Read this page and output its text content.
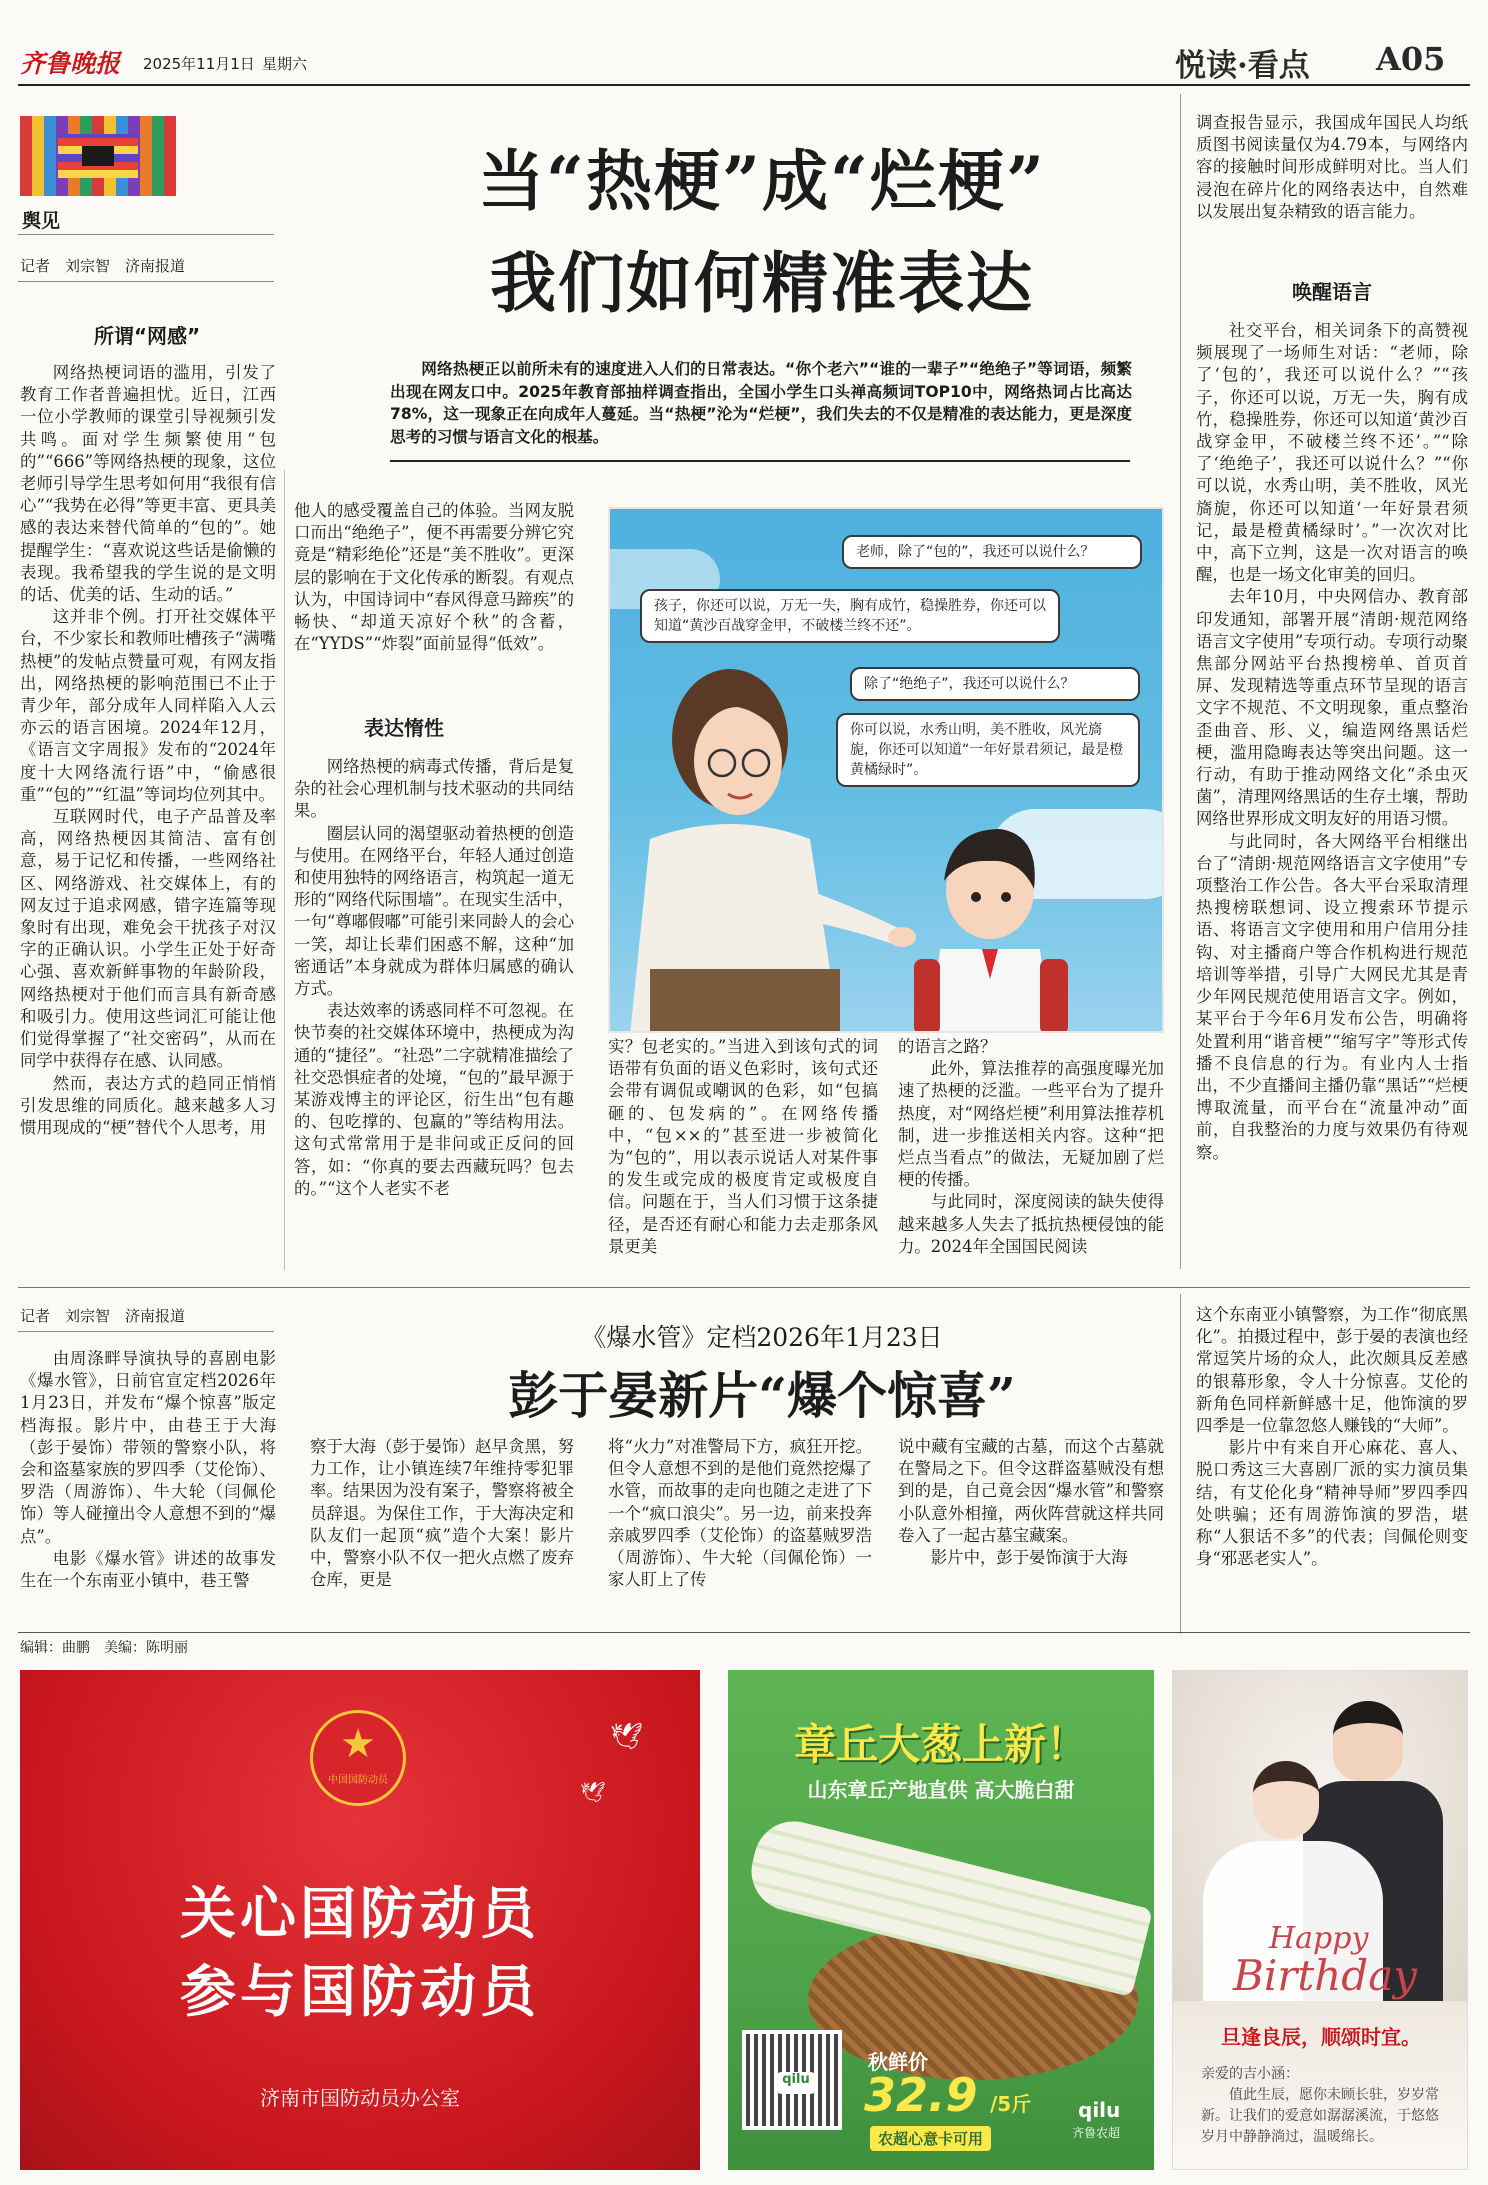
齐鲁晚报 2025年11月1日 星期六	悦读·看点 A05
舆见
记者　刘宗智　济南报道
当“热梗”成“烂梗”
我们如何精准表达

网络热梗正以前所未有的速度进入人们的日常表达。“你个老六”“谁的一辈子”“绝绝子”等词语，频繁出现在网友口中。2025年教育部抽样调查指出，全国小学生口头禅高频词TOP10中，网络热词占比高达78%，这一现象正在向成年人蔓延。当“热梗”沦为“烂梗”，我们失去的不仅是精准的表达能力，更是深度思考的习惯与语言文化的根基。

所谓“网感”

网络热梗词语的滥用，引发了教育工作者普遍担忧。近日，江西一位小学教师的课堂引导视频引发共鸣。面对学生频繁使用“包的”“666”等网络热梗的现象，这位老师引导学生思考如何用“我很有信心”“我势在必得”等更丰富、更具美感的表达来替代简单的“包的”。她提醒学生：“喜欢说这些话是偷懒的表现。我希望我的学生说的是文明的话、优美的话、生动的话。”

这并非个例。打开社交媒体平台，不少家长和教师吐槽孩子“满嘴热梗”的发帖点赞量可观，有网友指出，网络热梗的影响范围已不止于青少年，部分成年人同样陷入人云亦云的语言困境。2024年12月，《语言文字周报》发布的“2024年度十大网络流行语”中，“偷感很重”“包的”“红温”等词均位列其中。

互联网时代，电子产品普及率高，网络热梗因其简洁、富有创意，易于记忆和传播，一些网络社区、网络游戏、社交媒体上，有的网友过于追求网感，错字连篇等现象时有出现，难免会干扰孩子对汉字的正确认识。小学生正处于好奇心强、喜欢新鲜事物的年龄阶段，网络热梗对于他们而言具有新奇感和吸引力。使用这些词汇可能让他们觉得掌握了“社交密码”，从而在同学中获得存在感、认同感。

然而，表达方式的趋同正悄悄引发思维的同质化。越来越多人习惯用现成的“梗”替代个人思考，用

他人的感受覆盖自己的体验。当网友脱口而出“绝绝子”，便不再需要分辨它究竟是“精彩绝伦”还是“美不胜收”。更深层的影响在于文化传承的断裂。有观点认为，中国诗词中“春风得意马蹄疾”的畅快、“却道天凉好个秋”的含蓄，在“YYDS”“炸裂”面前显得“低效”。

表达惰性

网络热梗的病毒式传播，背后是复杂的社会心理机制与技术驱动的共同结果。

圈层认同的渴望驱动着热梗的创造与使用。在网络平台，年轻人通过创造和使用独特的网络语言，构筑起一道无形的“网络代际围墙”。在现实生活中，一句“尊嘟假嘟”可能引来同龄人的会心一笑，却让长辈们困惑不解，这种“加密通话”本身就成为群体归属感的确认方式。

表达效率的诱惑同样不可忽视。在快节奏的社交媒体环境中，热梗成为沟通的“捷径”。“社恐”二字就精准描绘了社交恐惧症者的处境，“包的”最早源于某游戏博主的评论区，衍生出“包有趣的、包吃撑的、包赢的”等结构用法。这句式常常用于是非问或正反问的回答，如：“你真的要去西藏玩吗？包去的。”“这个人老实不老

老师，除了“包的”，我还可以说什么？
孩子，你还可以说，万无一失，胸有成竹，稳操胜券，你还可以知道“黄沙百战穿金甲，不破楼兰终不还”。
除了“绝绝子”，我还可以说什么？
你可以说，水秀山明，美不胜收，风光旖旎，你还可以知道“一年好景君须记，最是橙黄橘绿时”。

实？包老实的。”当进入到该句式的词语带有负面的语义色彩时，该句式还会带有调侃或嘲讽的色彩，如“包搞砸的、包发病的”。在网络传播中，“包××的”甚至进一步被简化为“包的”，用以表示说话人对某件事的发生或完成的极度肯定或极度自信。问题在于，当人们习惯于这条捷径，是否还有耐心和能力去走那条风景更美

的语言之路？

此外，算法推荐的高强度曝光加速了热梗的泛滥。一些平台为了提升热度，对“网络烂梗”利用算法推荐机制，进一步推送相关内容。这种“把烂点当看点”的做法，无疑加剧了烂梗的传播。

与此同时，深度阅读的缺失使得越来越多人失去了抵抗热梗侵蚀的能力。2024年全国国民阅读

调查报告显示，我国成年国民人均纸质图书阅读量仅为4.79本，与网络内容的接触时间形成鲜明对比。当人们浸泡在碎片化的网络表达中，自然难以发展出复杂精致的语言能力。

唤醒语言

社交平台，相关词条下的高赞视频展现了一场师生对话：“老师，除了‘包的’，我还可以说什么？”“孩子，你还可以说，万无一失，胸有成竹，稳操胜券，你还可以知道‘黄沙百战穿金甲，不破楼兰终不还’。”“除了‘绝绝子’，我还可以说什么？”“你可以说，水秀山明，美不胜收，风光旖旎，你还可以知道‘一年好景君须记，最是橙黄橘绿时’。”一次次对比中，高下立判，这是一次对语言的唤醒，也是一场文化审美的回归。

去年10月，中央网信办、教育部印发通知，部署开展“清朗·规范网络语言文字使用”专项行动。专项行动聚焦部分网站平台热搜榜单、首页首屏、发现精选等重点环节呈现的语言文字不规范、不文明现象，重点整治歪曲音、形、义，编造网络黑话烂梗，滥用隐晦表达等突出问题。这一行动，有助于推动网络文化“杀虫灭菌”，清理网络黑话的生存土壤，帮助网络世界形成文明友好的用语习惯。

与此同时，各大网络平台相继出台了“清朗·规范网络语言文字使用”专项整治工作公告。各大平台采取清理热搜榜联想词、设立搜索环节提示语、将语言文字使用和用户信用分挂钩、对主播商户等合作机构进行规范培训等举措，引导广大网民尤其是青少年网民规范使用语言文字。例如，某平台于今年6月发布公告，明确将处置利用“谐音梗”“缩写字”等形式传播不良信息的行为。有业内人士指出，不少直播间主播仍靠“黑话”“烂梗博取流量，而平台在“流量冲动”面前，自我整治的力度与效果仍有待观察。

记者　刘宗智　济南报道
《爆水管》定档2026年1月23日
彭于晏新片“爆个惊喜”

由周涤畔导演执导的喜剧电影《爆水管》，日前官宣定档2026年1月23日，并发布“爆个惊喜”版定档海报。影片中，由巷王于大海（彭于晏饰）带领的警察小队，将会和盗墓家族的罗四季（艾伦饰）、罗浩（周游饰）、牛大轮（闫佩伦饰）等人碰撞出令人意想不到的“爆点”。

电影《爆水管》讲述的故事发生在一个东南亚小镇中，巷王警

察于大海（彭于晏饰）赵早贪黑，努力工作，让小镇连续7年维持零犯罪率。结果因为没有案子，警察将被全员辞退。为保住工作，于大海决定和队友们一起顶“疯”造个大案！影片中，警察小队不仅一把火点燃了废弃仓库，更是

将“火力”对准警局下方，疯狂开挖。但令人意想不到的是他们竟然挖爆了水管，而故事的走向也随之走进了下一个“疯口浪尖”。另一边，前来投奔亲戚罗四季（艾伦饰）的盗墓贼罗浩（周游饰）、牛大轮（闫佩伦饰）一家人盯上了传

说中藏有宝藏的古墓，而这个古墓就在警局之下。但令这群盗墓贼没有想到的是，自己竟会因“爆水管”和警察小队意外相撞，两伙阵营就这样共同卷入了一起古墓宝藏案。

影片中，彭于晏饰演于大海

这个东南亚小镇警察，为工作“彻底黑化”。拍摄过程中，彭于晏的表演也经常逗笑片场的众人，此次颇具反差感的银幕形象，令人十分惊喜。艾伦的新角色同样新鲜感十足，他饰演的罗四季是一位靠忽悠人赚钱的“大师”。

影片中有来自开心麻花、喜人、脱口秀这三大喜剧厂派的实力演员集结，有艾伦化身“精神导师”罗四季四处哄骗；还有周游饰演的罗浩，堪称“人狠话不多”的代表；闫佩伦则变身“邪恶老实人”。

编辑：曲鹏　美编：陈明丽
★
中国国防动员
🕊
🕊
关心国防动员
参与国防动员
济南市国防动员办公室
章丘大葱上新！
山东章丘产地直供 高大脆白甜
qilu
秋鲜价
32.9 /5斤
农超心意卡可用
qilu
齐鲁农超
Happy
Birthday
旦逢良辰，顺颂时宜。
亲爱的吉小涵：
值此生辰，愿你未顾长驻，岁岁常新。让我们的爱意如潺潺溪流，于悠悠岁月中静静淌过，温暖绵长。
